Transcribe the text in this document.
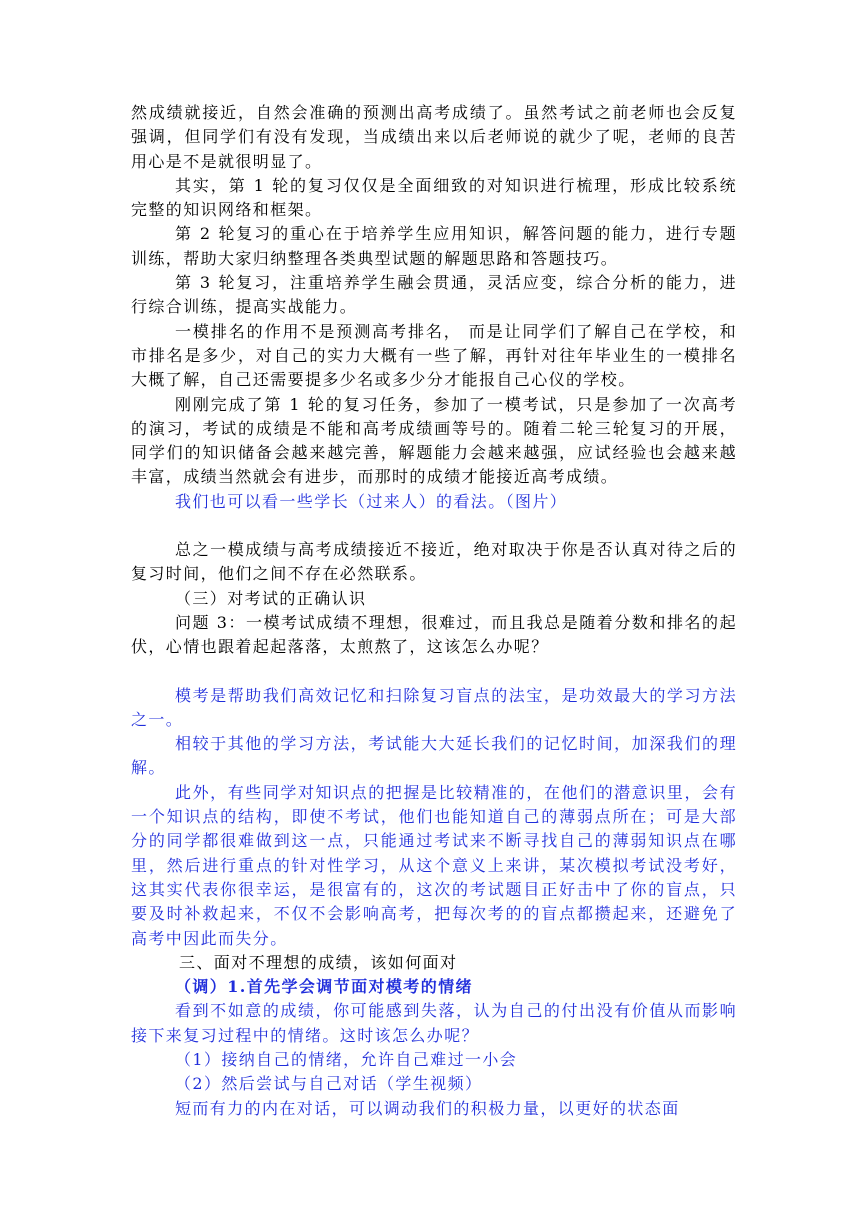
然成绩就接近，自然会准确的预测出高考成绩了。虽然考试之前老师也会反复强调，但同学们有没有发现，当成绩出来以后老师说的就少了呢，老师的良苦用心是不是就很明显了。

其实，第 1 轮的复习仅仅是全面细致的对知识进行梳理，形成比较系统完整的知识网络和框架。

第 2 轮复习的重心在于培养学生应用知识，解答问题的能力，进行专题训练，帮助大家归纳整理各类典型试题的解题思路和答题技巧。

第 3 轮复习，注重培养学生融会贯通，灵活应变，综合分析的能力，进行综合训练，提高实战能力。

一模排名的作用不是预测高考排名， 而是让同学们了解自己在学校，和市排名是多少，对自己的实力大概有一些了解，再针对往年毕业生的一模排名大概了解，自己还需要提多少名或多少分才能报自己心仪的学校。

刚刚完成了第 1 轮的复习任务，参加了一模考试，只是参加了一次高考的演习，考试的成绩是不能和高考成绩画等号的。随着二轮三轮复习的开展，同学们的知识储备会越来越完善，解题能力会越来越强，应试经验也会越来越丰富，成绩当然就会有进步，而那时的成绩才能接近高考成绩。

我们也可以看一些学长（过来人）的看法。（图片）

总之一模成绩与高考成绩接近不接近，绝对取决于你是否认真对待之后的复习时间，他们之间不存在必然联系。

（三）对考试的正确认识

问题 3：一模考试成绩不理想，很难过，而且我总是随着分数和排名的起伏，心情也跟着起起落落，太煎熬了，这该怎么办呢？

模考是帮助我们高效记忆和扫除复习盲点的法宝，是功效最大的学习方法之一。

相较于其他的学习方法，考试能大大延长我们的记忆时间，加深我们的理解。

此外，有些同学对知识点的把握是比较精准的，在他们的潜意识里，会有一个知识点的结构，即使不考试，他们也能知道自己的薄弱点所在；可是大部分的同学都很难做到这一点，只能通过考试来不断寻找自己的薄弱知识点在哪里，然后进行重点的针对性学习，从这个意义上来讲，某次模拟考试没考好，这其实代表你很幸运，是很富有的，这次的考试题目正好击中了你的盲点，只要及时补救起来，不仅不会影响高考，把每次考的的盲点都攒起来，还避免了高考中因此而失分。

三、面对不理想的成绩，该如何面对

（调）1.首先学会调节面对模考的情绪

看到不如意的成绩，你可能感到失落，认为自己的付出没有价值从而影响接下来复习过程中的情绪。这时该怎么办呢？

（1）接纳自己的情绪，允许自己难过一小会

（2）然后尝试与自己对话（学生视频）

短而有力的内在对话，可以调动我们的积极力量，以更好的状态面
